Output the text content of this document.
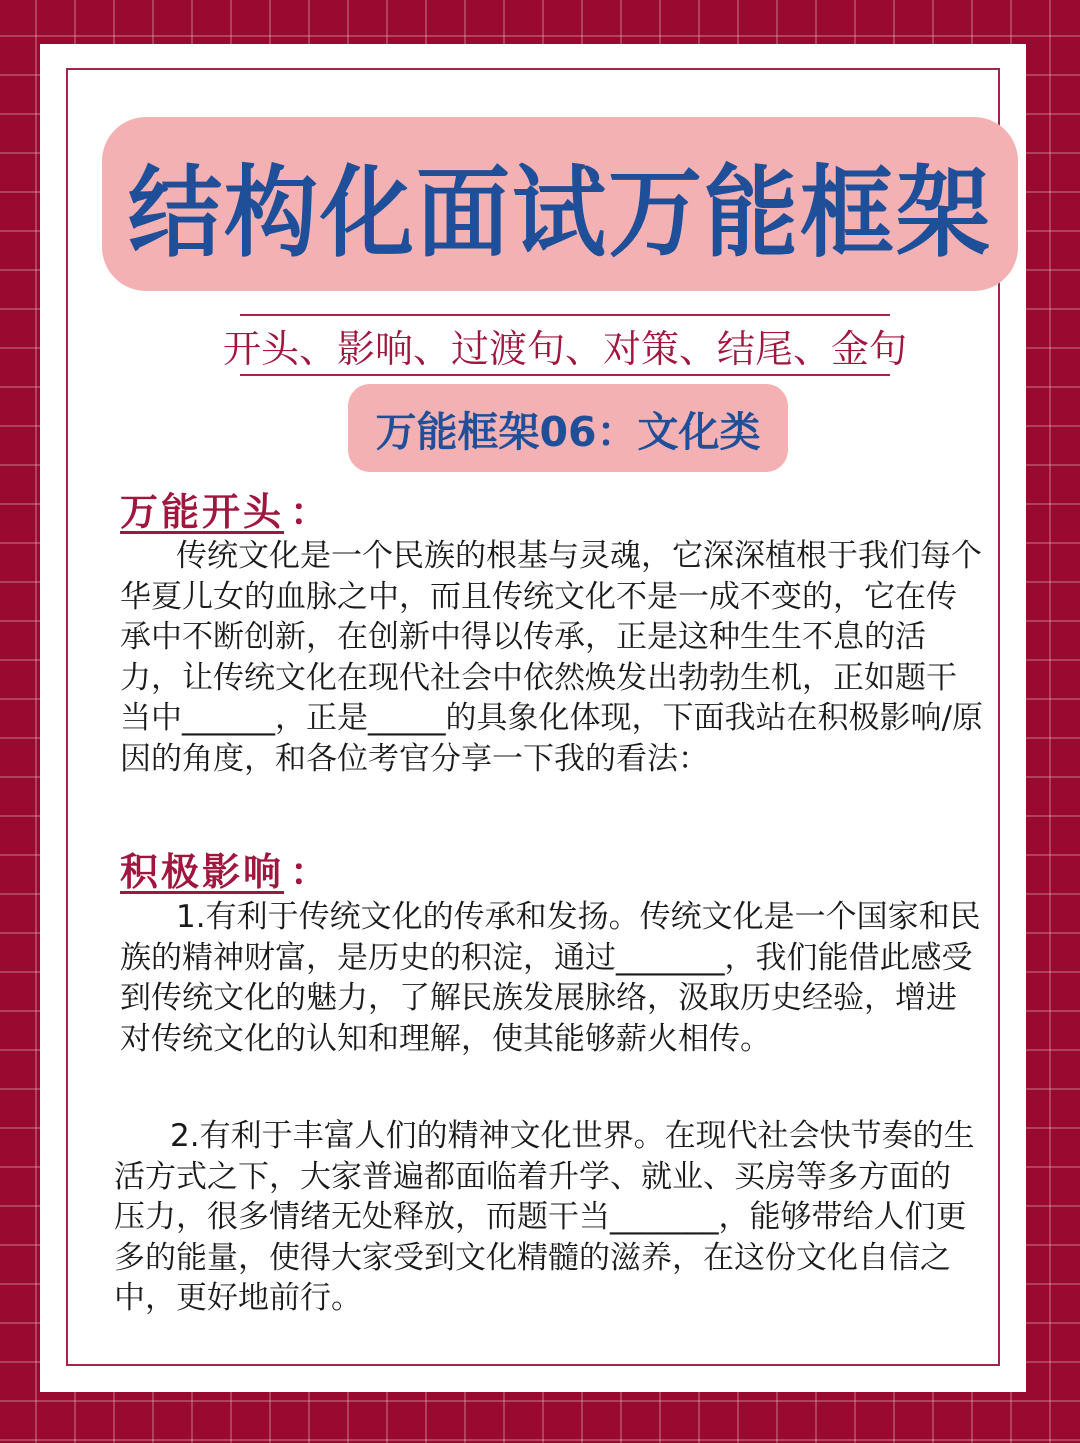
结构化面试万能框架
开头、影响、过渡句、对策、结尾、金句
万能框架06：文化类
万能开头 ：

传统文化是一个民族的根基与灵魂，它深深植根于我们每个华夏儿女的血脉之中，而且传统文化不是一成不变的，它在传承中不断创新，在创新中得以传承，正是这种生生不息的活力，让传统文化在现代社会中依然焕发出勃勃生机，正如题干当中______，正是_____的具象化体现，下面我站在积极影响/原因的角度，和各位考官分享一下我的看法：

积极影响 ：

1.有利于传统文化的传承和发扬。传统文化是一个国家和民族的精神财富，是历史的积淀，通过_______，我们能借此感受到传统文化的魅力，了解民族发展脉络，汲取历史经验，增进对传统文化的认知和理解，使其能够薪火相传。

2.有利于丰富人们的精神文化世界。在现代社会快节奏的生活方式之下，大家普遍都面临着升学、就业、买房等多方面的压力，很多情绪无处释放，而题干当_______，能够带给人们更多的能量，使得大家受到文化精髓的滋养，在这份文化自信之中，更好地前行。
